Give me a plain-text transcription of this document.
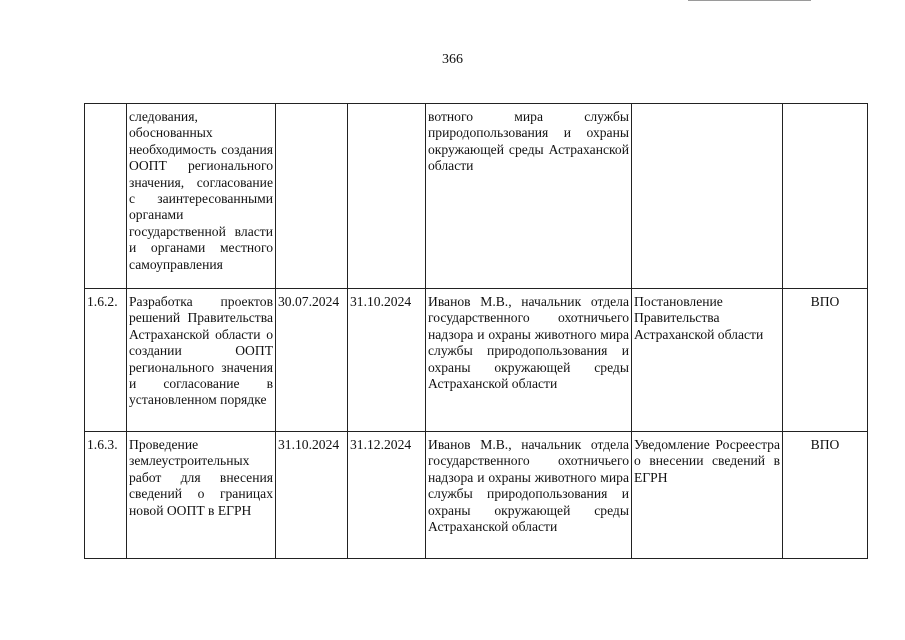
366
	следования, обоснованных необходимость создания ООПТ регионального значения, согласование с заинтересованными органами государственной власти и органами местного самоуправления			вотного мира службы природопользования и охраны окружающей среды Астраханской области		
1.6.2.	Разработка проектов решений Правительства Астраханской области о создании ООПТ регионального значения и согласование в установленном порядке	30.07.2024	31.10.2024	Иванов М.В., начальник отдела государственного охотничьего надзора и охраны животного мира службы природопользования и охраны окружающей среды Астраханской области	Постановление Правительства Астраханской области	ВПО
1.6.3.	Проведение землеустроительных работ для внесения сведений о границах новой ООПТ в ЕГРН	31.10.2024	31.12.2024	Иванов М.В., начальник отдела государственного охотничьего надзора и охраны животного мира службы природопользования и охраны окружающей среды Астраханской области	Уведомление Росреестра о внесении сведений в ЕГРН	ВПО
